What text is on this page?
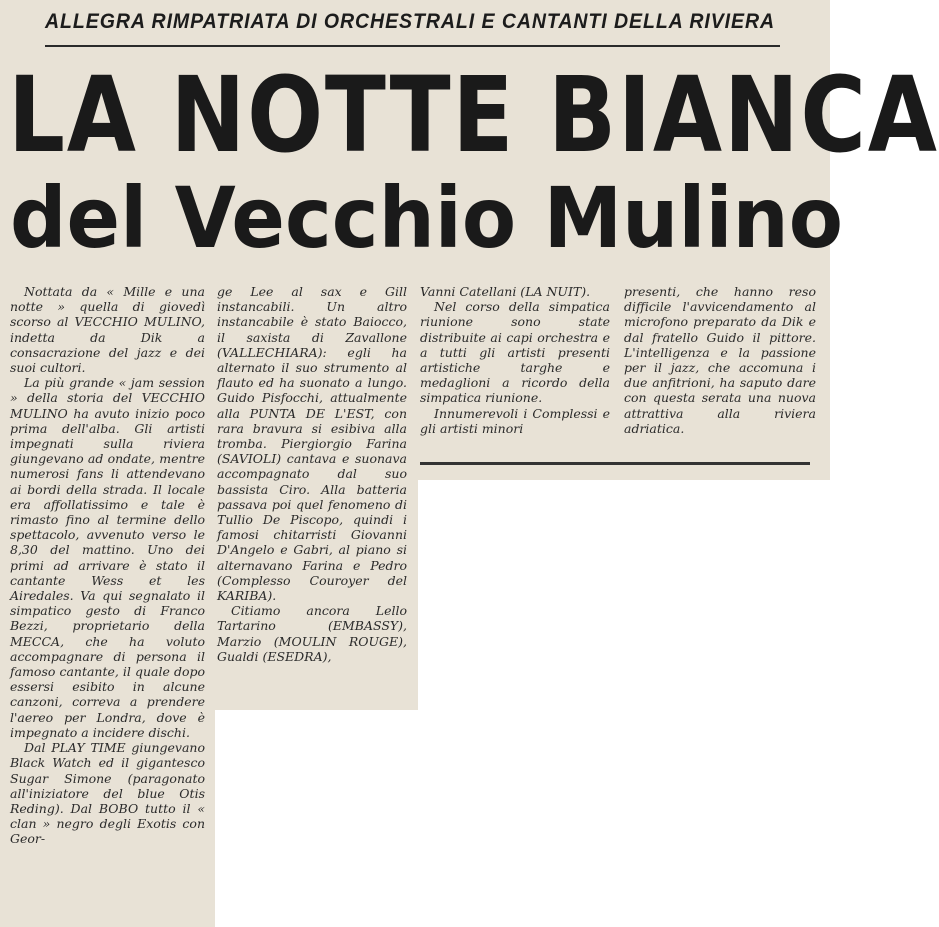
ALLEGRA RIMPATRIATA DI ORCHESTRALI E CANTANTI DELLA RIVIERA
LA NOTTE BIANCA
del Vecchio Mulino

Nottata da « Mille e una notte » quella di giovedì scorso al VECCHIO MULINO, indetta da Dik a consacrazione del jazz e dei suoi cultori.

La più grande « jam session » della storia del VECCHIO MULINO ha avuto inizio poco prima dell'alba. Gli artisti impegnati sulla riviera giungevano ad ondate, mentre numerosi fans li attendevano ai bordi della strada. Il locale era affollatissimo e tale è rimasto fino al termine dello spettacolo, avvenuto verso le 8,30 del mattino. Uno dei primi ad arrivare è stato il cantante Wess et les Airedales. Va qui segnalato il simpatico gesto di Franco Bezzi, proprietario della MECCA, che ha voluto accompagnare di persona il famoso cantante, il quale dopo essersi esibito in alcune canzoni, correva a prendere l'aereo per Londra, dove è impegnato a incidere dischi.

Dal PLAY TIME giungevano Black Watch ed il gigantesco Sugar Simone (paragonato all'iniziatore del blue Otis Reding). Dal BOBO tutto il « clan » negro degli Exotis con Geor-

ge Lee al sax e Gill instancabili. Un altro instancabile è stato Baiocco, il saxista di Zavallone (VALLECHIARA): egli ha alternato il suo strumento al flauto ed ha suonato a lungo. Guido Pisfocchi, attualmente alla PUNTA DE L'EST, con rara bravura si esibiva alla tromba. Piergiorgio Farina (SAVIOLI) cantava e suonava accompagnato dal suo bassista Ciro. Alla batteria passava poi quel fenomeno di Tullio De Piscopo, quindi i famosi chitarristi Giovanni D'Angelo e Gabri, al piano si alternavano Farina e Pedro (Complesso Couroyer del KARIBA).

Citiamo ancora Lello Tartarino (EMBASSY), Marzio (MOULIN ROUGE), Gualdi (ESEDRA),

Vanni Catellani (LA NUIT).

Nel corso della simpatica riunione sono state distribuite ai capi orchestra e a tutti gli artisti presenti artistiche targhe e medaglioni a ricordo della simpatica riunione.

Innumerevoli i Complessi e gli artisti minori

presenti, che hanno reso difficile l'avvicendamento al microfono preparato da Dik e dal fratello Guido il pittore. L'intelligenza e la passione per il jazz, che accomuna i due anfitrioni, ha saputo dare con questa serata una nuova attrattiva alla riviera adriatica.
